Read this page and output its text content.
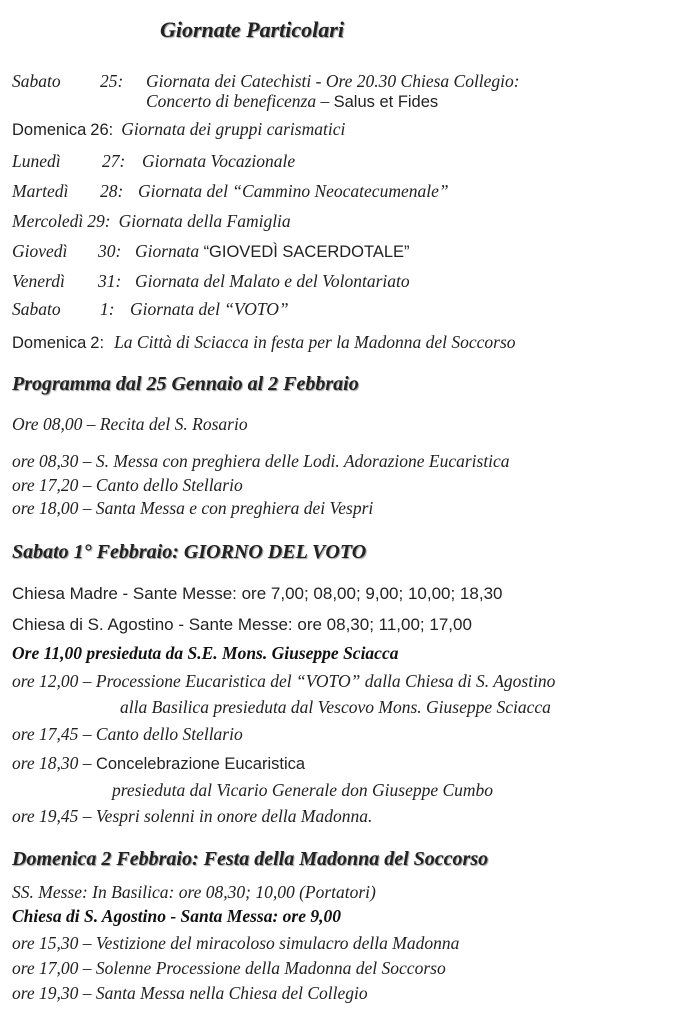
Giornate Particolari
Sabato 25: Giornata dei Catechisti - Ore 20.30 Chiesa Collegio:
Concerto di beneficenza – Salus et Fides
Domenica 26: Giornata dei gruppi carismatici
Lunedì 27: Giornata Vocazionale
Martedì 28: Giornata del “Cammino Neocatecumenale”
Mercoledì 29: Giornata della Famiglia
Giovedì 30: Giornata “GIOVEDÌ SACERDOTALE”
Venerdì 31: Giornata del Malato e del Volontariato
Sabato 1: Giornata del “VOTO”
Domenica 2: La Città di Sciacca in festa per la Madonna del Soccorso
Programma dal 25 Gennaio al 2 Febbraio
Ore 08,00 – Recita del S. Rosario
ore 08,30 – S. Messa con preghiera delle Lodi. Adorazione Eucaristica
ore 17,20 – Canto dello Stellario
ore 18,00 – Santa Messa e con preghiera dei Vespri
Sabato 1° Febbraio: GIORNO DEL VOTO
Chiesa Madre - Sante Messe: ore 7,00; 08,00; 9,00; 10,00; 18,30
Chiesa di S. Agostino - Sante Messe: ore 08,30; 11,00; 17,00
Ore 11,00 presieduta da S.E. Mons. Giuseppe Sciacca
ore 12,00 – Processione Eucaristica del “VOTO” dalla Chiesa di S. Agostino
alla Basilica presieduta dal Vescovo Mons. Giuseppe Sciacca
ore 17,45 – Canto dello Stellario
ore 18,30 – Concelebrazione Eucaristica
presieduta dal Vicario Generale don Giuseppe Cumbo
ore 19,45 – Vespri solenni in onore della Madonna.
Domenica 2 Febbraio: Festa della Madonna del Soccorso
SS. Messe: In Basilica: ore 08,30; 10,00 (Portatori)
Chiesa di S. Agostino - Santa Messa: ore 9,00
ore 15,30 – Vestizione del miracoloso simulacro della Madonna
ore 17,00 – Solenne Processione della Madonna del Soccorso
ore 19,30 – Santa Messa nella Chiesa del Collegio
